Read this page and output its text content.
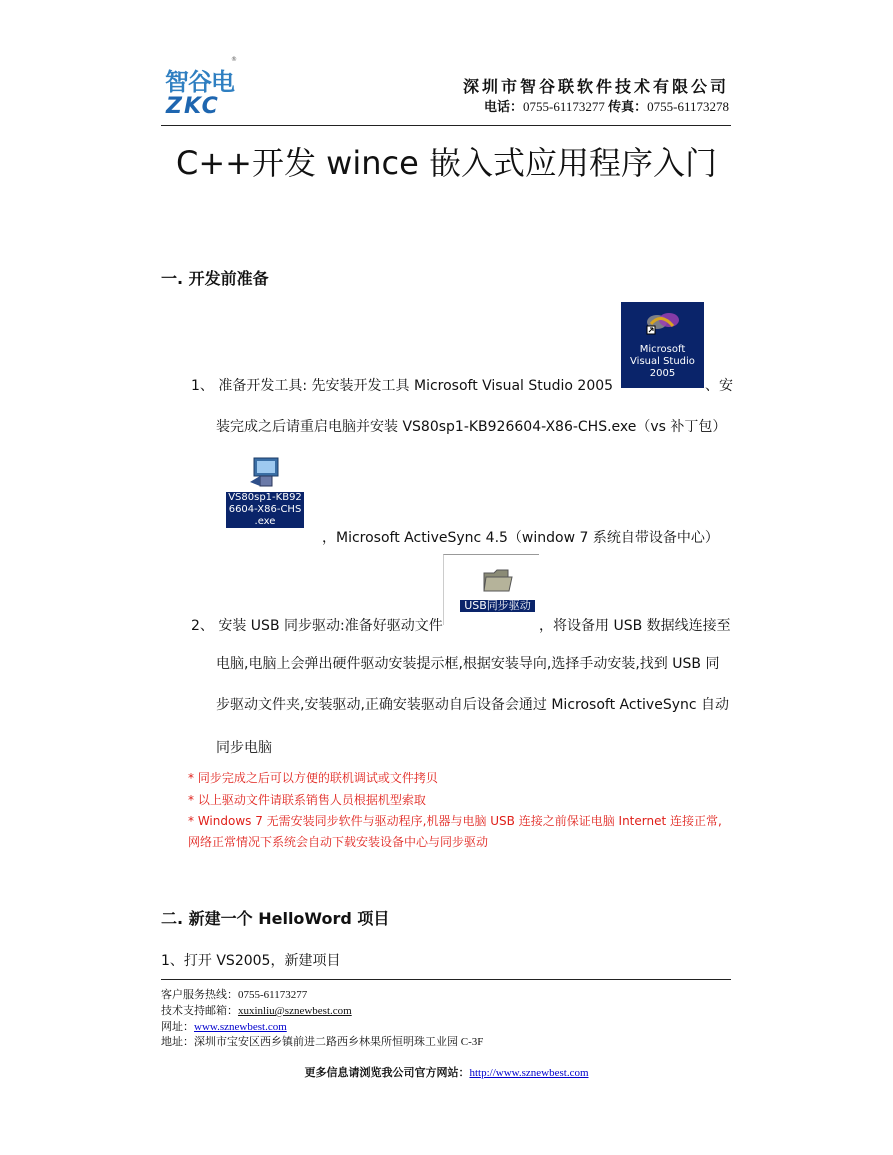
智谷电
®
ZKC
深圳市智谷联软件技术有限公司
电话：0755-61173277 传真：0755-61173278
C++开发 wince 嵌入式应用程序入门
一. 开发前准备
Microsoft
Visual Studio
2005
1、 准备开发工具: 先安装开发工具 Microsoft Visual Studio 2005	、安
装完成之后请重启电脑并安装 VS80sp1-KB926604-X86-CHS.exe（vs 补丁包）
VS80sp1-KB92
6604-X86-CHS
.exe
，Microsoft ActiveSync 4.5（window 7 系统自带设备中心）
USB同步驱动
2、 安装 USB 同步驱动:准备好驱动文件	，将设备用 USB 数据线连接至
电脑,电脑上会弹出硬件驱动安装提示框,根据安装导向,选择手动安装,找到 USB 同
步驱动文件夹,安装驱动,正确安装驱动自后设备会通过 Microsoft ActiveSync 自动
同步电脑
* 同步完成之后可以方便的联机调试或文件拷贝
* 以上驱动文件请联系销售人员根据机型索取
* Windows 7 无需安装同步软件与驱动程序,机器与电脑 USB 连接之前保证电脑 Internet 连接正常,
网络正常情况下系统会自动下载安装设备中心与同步驱动
二. 新建一个 HelloWord 项目
1、打开 VS2005，新建项目
客户服务热线：0755-61173277
技术支持邮箱：xuxinliu@sznewbest.com
网址：www.sznewbest.com
地址：深圳市宝安区西乡镇前进二路西乡林果所恒明珠工业园 C-3F
更多信息请浏览我公司官方网站：http://www.sznewbest.com
